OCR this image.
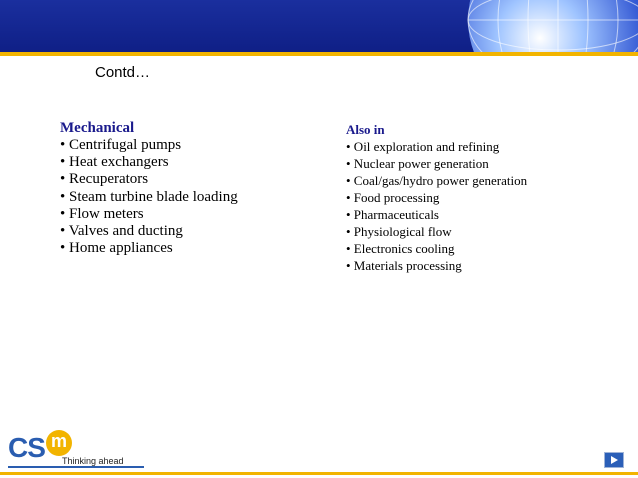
Contd…
Mechanical
• Centrifugal pumps
• Heat exchangers
• Recuperators
• Steam turbine blade loading
• Flow meters
• Valves and ducting
• Home appliances
Also in
• Oil exploration and refining
• Nuclear power generation
• Coal/gas/hydro power generation
• Food processing
• Pharmaceuticals
• Physiological flow
• Electronics cooling
• Materials processing
CS m
Thinking ahead
